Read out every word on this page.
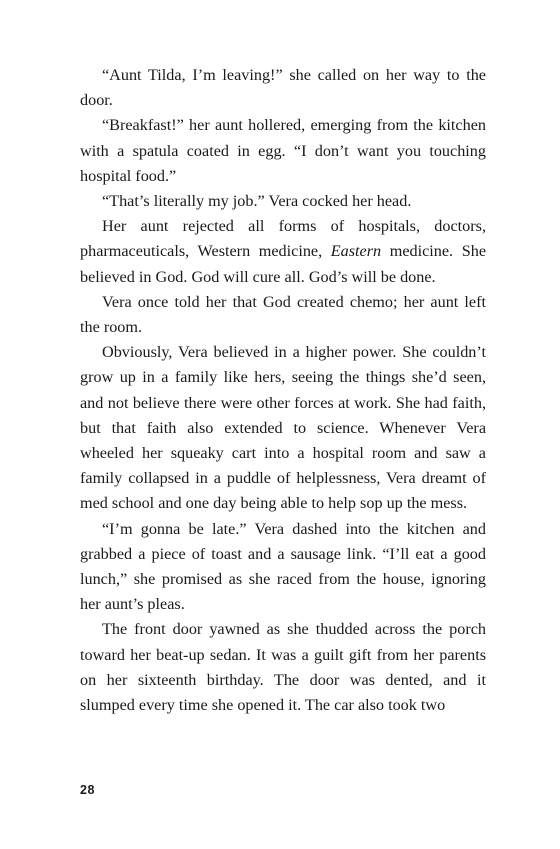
“Aunt Tilda, I’m leaving!” she called on her way to the door.

“Breakfast!” her aunt hollered, emerging from the kitchen with a spatula coated in egg. “I don’t want you touching hospital food.”

“That’s literally my job.” Vera cocked her head.

Her aunt rejected all forms of hospitals, doctors, pharmaceuticals, Western medicine, Eastern medicine. She believed in God. God will cure all. God’s will be done.

Vera once told her that God created chemo; her aunt left the room.

Obviously, Vera believed in a higher power. She couldn’t grow up in a family like hers, seeing the things she’d seen, and not believe there were other forces at work. She had faith, but that faith also extended to science. Whenever Vera wheeled her squeaky cart into a hospital room and saw a family collapsed in a puddle of helplessness, Vera dreamt of med school and one day being able to help sop up the mess.

“I’m gonna be late.” Vera dashed into the kitchen and grabbed a piece of toast and a sausage link. “I’ll eat a good lunch,” she promised as she raced from the house, ignoring her aunt’s pleas.

The front door yawned as she thudded across the porch toward her beat-up sedan. It was a guilt gift from her parents on her sixteenth birthday. The door was dented, and it slumped every time she opened it. The car also took two

28
